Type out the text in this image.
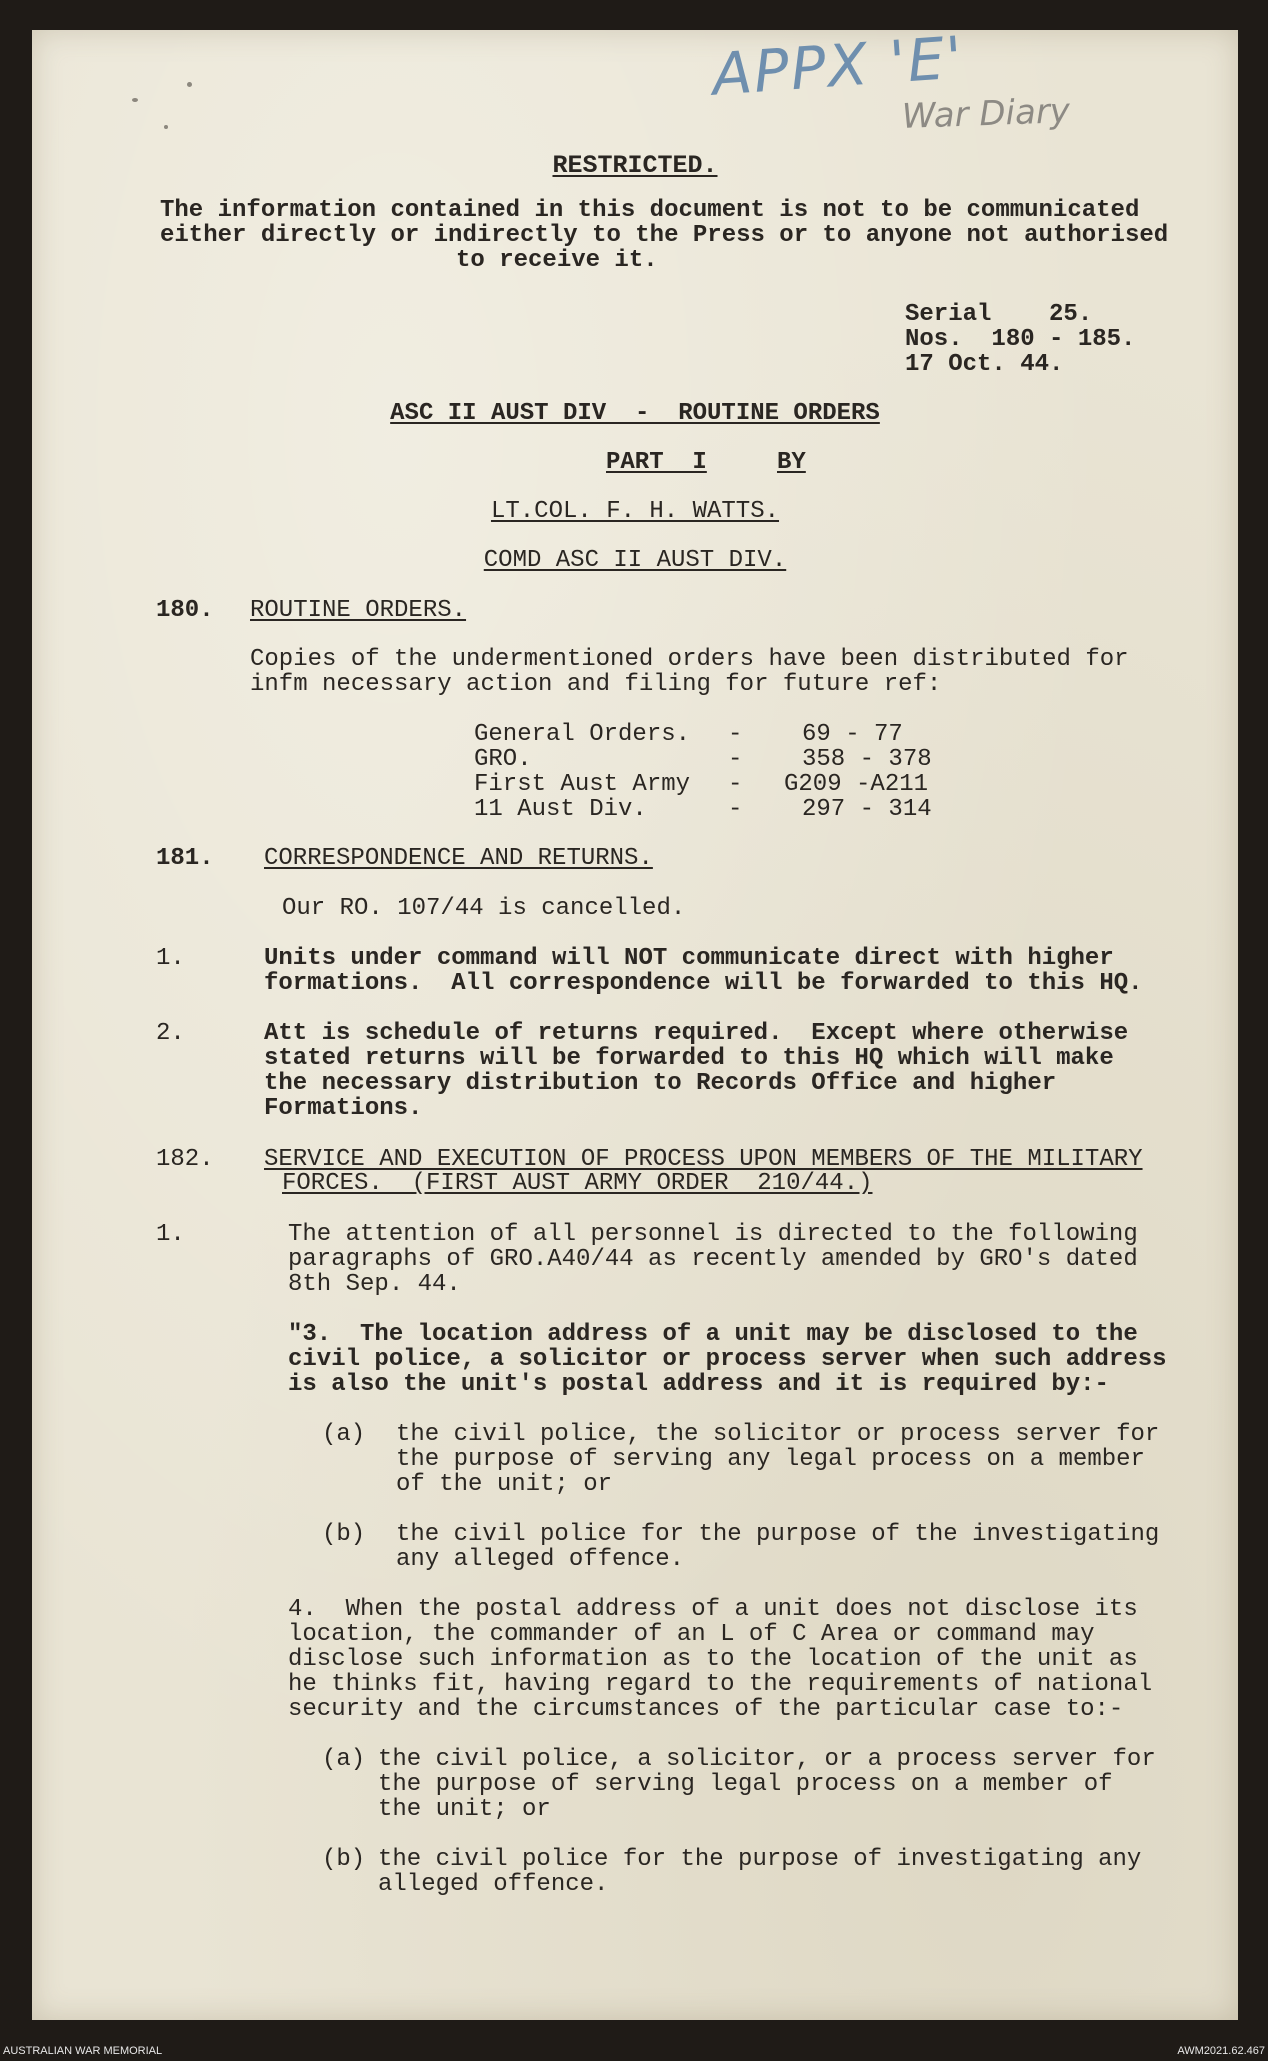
APPX 'E'
War Diary
RESTRICTED.
The information contained in this document is not to be communicated
either directly or indirectly to the Press or to anyone not authorised
to receive it.
Serial    25.
Nos.  180 - 185.
17 Oct. 44.
ASC II AUST DIV  -  ROUTINE ORDERS
PART  I	BY
LT.COL. F. H. WATTS.
COMD ASC II AUST DIV.
180. ROUTINE ORDERS.
Copies of the undermentioned orders have been distributed for
infm necessary action and filing for future ref:
General Orders. - 69 - 77
GRO.	- 358 - 378
First Aust Army - G209 -A211
11 Aust Div.	- 297 - 314
181. CORRESPONDENCE AND RETURNS.
Our RO. 107/44 is cancelled.
1.	Units under command will NOT communicate direct with higher
formations.  All correspondence will be forwarded to this HQ.
2.	Att is schedule of returns required.  Except where otherwise
stated returns will be forwarded to this HQ which will make
the necessary distribution to Records Office and higher
Formations.
182. SERVICE AND EXECUTION OF PROCESS UPON MEMBERS OF THE MILITARY
FORCES.  (FIRST AUST ARMY ORDER  210/44.)
1.	The attention of all personnel is directed to the following
paragraphs of GRO.A40/44 as recently amended by GRO's dated
8th Sep. 44.
"3.  The location address of a unit may be disclosed to the
civil police, a solicitor or process server when such address
is also the unit's postal address and it is required by:-
(a) the civil police, the solicitor or process server for
the purpose of serving any legal process on a member
of the unit; or
(b) the civil police for the purpose of the investigating
any alleged offence.
4.  When the postal address of a unit does not disclose its
location, the commander of an L of C Area or command may
disclose such information as to the location of the unit as
he thinks fit, having regard to the requirements of national
security and the circumstances of the particular case to:-
(a) the civil police, a solicitor, or a process server for
the purpose of serving legal process on a member of
the unit; or
(b) the civil police for the purpose of investigating any
alleged offence.
AUSTRALIAN WAR MEMORIAL	AWM2021.62.467
